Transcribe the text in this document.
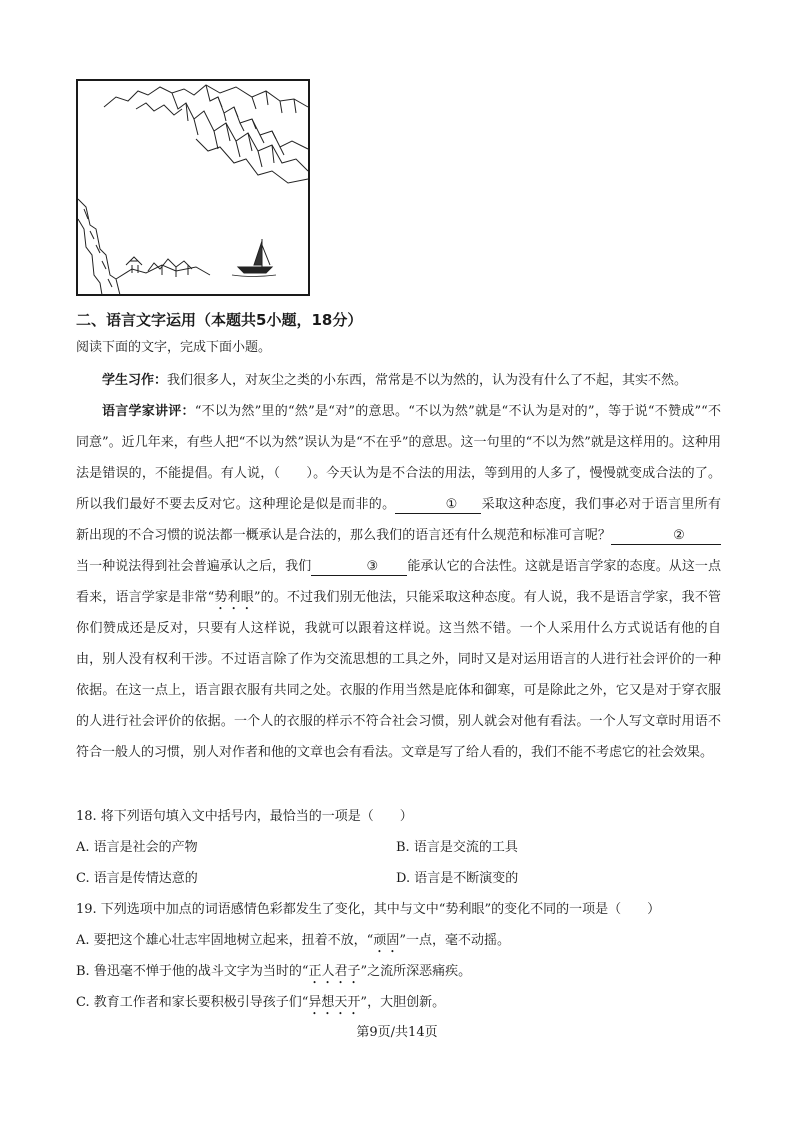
二、语言文字运用（本题共5小题，18分）
阅读下面的文字，完成下面小题。

学生习作：我们很多人，对灰尘之类的小东西，常常是不以为然的，认为没有什么了不起，其实不然。

语言学家讲评：“不以为然”里的“然”是“对”的意思。“不以为然”就是“不认为是对的”，等于说“不赞成”“不同意”。近几年来，有些人把“不以为然”误认为是“不在乎”的意思。这一句里的“不以为然”就是这样用的。这种用法是错误的，不能提倡。有人说，（　　）。今天认为是不合法的用法，等到用的人多了，慢慢就变成合法的了。所以我们最好不要去反对它。这种理论是似是而非的。	① 采取这种态度，我们事必对于语言里所有新出现的不合习惯的说法都一概承认是合法的，那么我们的语言还有什么规范和标准可言呢？	②当一种说法得到社会普遍承认之后，我们	③ 能承认它的合法性。这就是语言学家的态度。从这一点看来，语言学家是非常“势利眼”的。不过我们别无他法，只能采取这种态度。有人说，我不是语言学家，我不管你们赞成还是反对，只要有人这样说，我就可以跟着这样说。这当然不错。一个人采用什么方式说话有他的自由，别人没有权利干涉。不过语言除了作为交流思想的工具之外，同时又是对运用语言的人进行社会评价的一种依据。在这一点上，语言跟衣服有共同之处。衣服的作用当然是庇体和御寒，可是除此之外，它又是对于穿衣服的人进行社会评价的依据。一个人的衣服的样示不符合社会习惯，别人就会对他有看法。一个人写文章时用语不符合一般人的习惯，别人对作者和他的文章也会有看法。文章是写了给人看的，我们不能不考虑它的社会效果。

18. 将下列语句填入文中括号内，最恰当的一项是（　　）
A. 语言是社会的产物	B. 语言是交流的工具
C. 语言是传情达意的	D. 语言是不断演变的
19. 下列选项中加点的词语感情色彩都发生了变化，其中与文中“势利眼”的变化不同的一项是（　　）
A. 要把这个雄心壮志牢固地树立起来，扭着不放，“顽固”一点，毫不动摇。
B. 鲁迅毫不惮于他的战斗文字为当时的“正人君子”之流所深恶痛疾。
C. 教育工作者和家长要积极引导孩子们“异想天开”，大胆创新。
第9页/共14页
